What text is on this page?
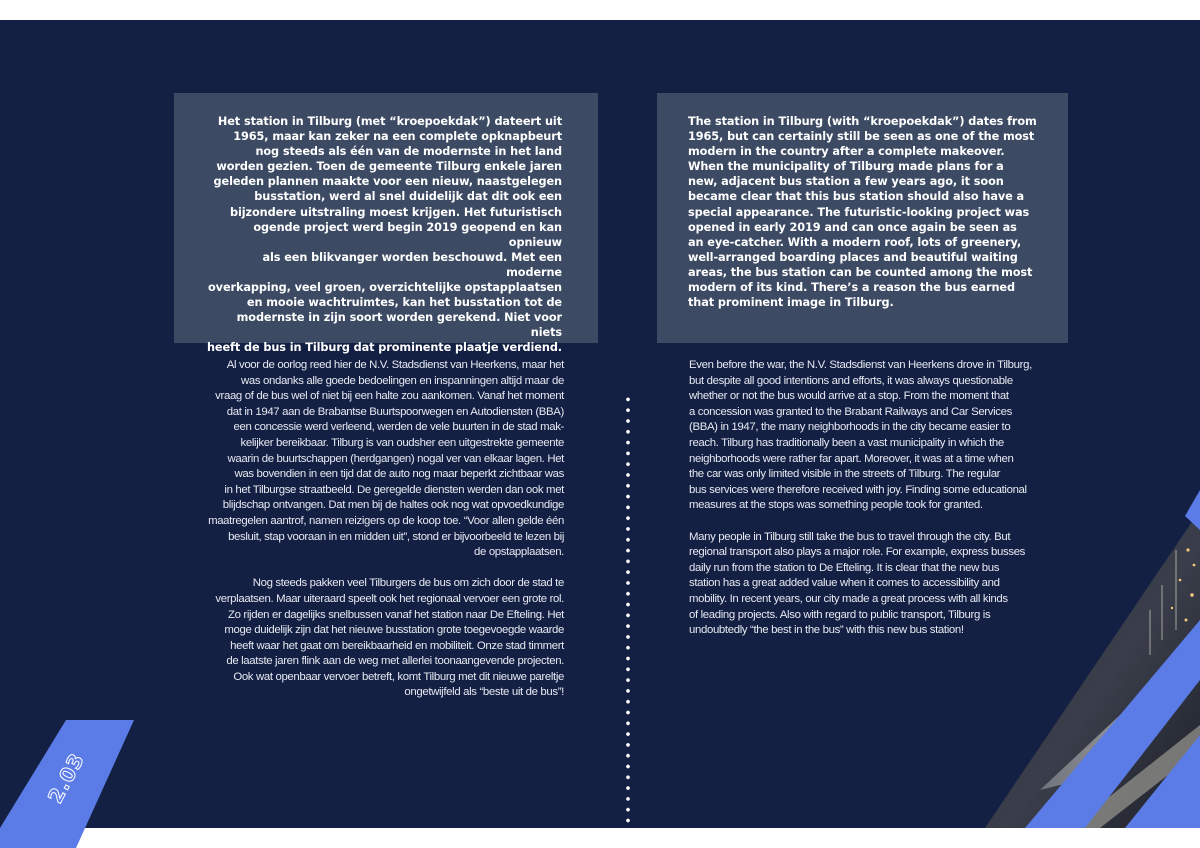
Het station in Tilburg (met “kroepoekdak”) dateert uit
1965, maar kan zeker na een complete opknapbeurt
nog steeds als één van de modernste in het land
worden gezien. Toen de gemeente Tilburg enkele jaren
geleden plannen maakte voor een nieuw, naastgelegen
busstation, werd al snel duidelijk dat dit ook een
bijzondere uitstraling moest krijgen. Het futuristisch
ogende project werd begin 2019 geopend en kan opnieuw
als een blikvanger worden beschouwd. Met een moderne
overkapping, veel groen, overzichtelijke opstapplaatsen
en mooie wachtruimtes, kan het busstation tot de
modernste in zijn soort worden gerekend. Niet voor niets
heeft de bus in Tilburg dat prominente plaatje verdiend.
The station in Tilburg (with “kroepoekdak”) dates from
1965, but can certainly still be seen as one of the most
modern in the country after a complete makeover.
When the municipality of Tilburg made plans for a
new, adjacent bus station a few years ago, it soon
became clear that this bus station should also have a
special appearance. The futuristic-looking project was
opened in early 2019 and can once again be seen as
an eye-catcher. With a modern roof, lots of greenery,
well-arranged boarding places and beautiful waiting
areas, the bus station can be counted among the most
modern of its kind. There’s a reason the bus earned
that prominent image in Tilburg.

Al voor de oorlog reed hier de N.V. Stadsdienst van Heerkens, maar het
was ondanks alle goede bedoelingen en inspanningen altijd maar de
vraag of de bus wel of niet bij een halte zou aankomen. Vanaf het moment
dat in 1947 aan de Brabantse Buurtspoorwegen en Autodiensten (BBA)
een concessie werd verleend, werden de vele buurten in de stad mak-
kelijker bereikbaar. Tilburg is van oudsher een uitgestrekte gemeente
waarin de buurtschappen (herdgangen) nogal ver van elkaar lagen. Het
was bovendien in een tijd dat de auto nog maar beperkt zichtbaar was
in het Tilburgse straatbeeld. De geregelde diensten werden dan ook met
blijdschap ontvangen. Dat men bij de haltes ook nog wat opvoedkundige
maatregelen aantrof, namen reizigers op de koop toe. “Voor allen gelde één
besluit, stap vooraan in en midden uit”, stond er bijvoorbeeld te lezen bij
de opstapplaatsen.

Nog steeds pakken veel Tilburgers de bus om zich door de stad te
verplaatsen. Maar uiteraard speelt ook het regionaal vervoer een grote rol.
Zo rijden er dagelijks snelbussen vanaf het station naar De Efteling. Het
moge duidelijk zijn dat het nieuwe busstation grote toegevoegde waarde
heeft waar het gaat om bereikbaarheid en mobiliteit. Onze stad timmert
de laatste jaren flink aan de weg met allerlei toonaangevende projecten.
Ook wat openbaar vervoer betreft, komt Tilburg met dit nieuwe pareltje
ongetwijfeld als “beste uit de bus”!

Even before the war, the N.V. Stadsdienst van Heerkens drove in Tilburg,
but despite all good intentions and efforts, it was always questionable
whether or not the bus would arrive at a stop. From the moment that
a concession was granted to the Brabant Railways and Car Services
(BBA) in 1947, the many neighborhoods in the city became easier to
reach. Tilburg has traditionally been a vast municipality in which the
neighborhoods were rather far apart. Moreover, it was at a time when
the car was only limited visible in the streets of Tilburg. The regular
bus services were therefore received with joy. Finding some educational
measures at the stops was something people took for granted.

Many people in Tilburg still take the bus to travel through the city. But
regional transport also plays a major role. For example, express busses
daily run from the station to De Efteling. It is clear that the new bus
station has a great added value when it comes to accessibility and
mobility. In recent years, our city made a great process with all kinds
of leading projects. Also with regard to public transport, Tilburg is
undoubtedly “the best in the bus” with this new bus station!

2.03
